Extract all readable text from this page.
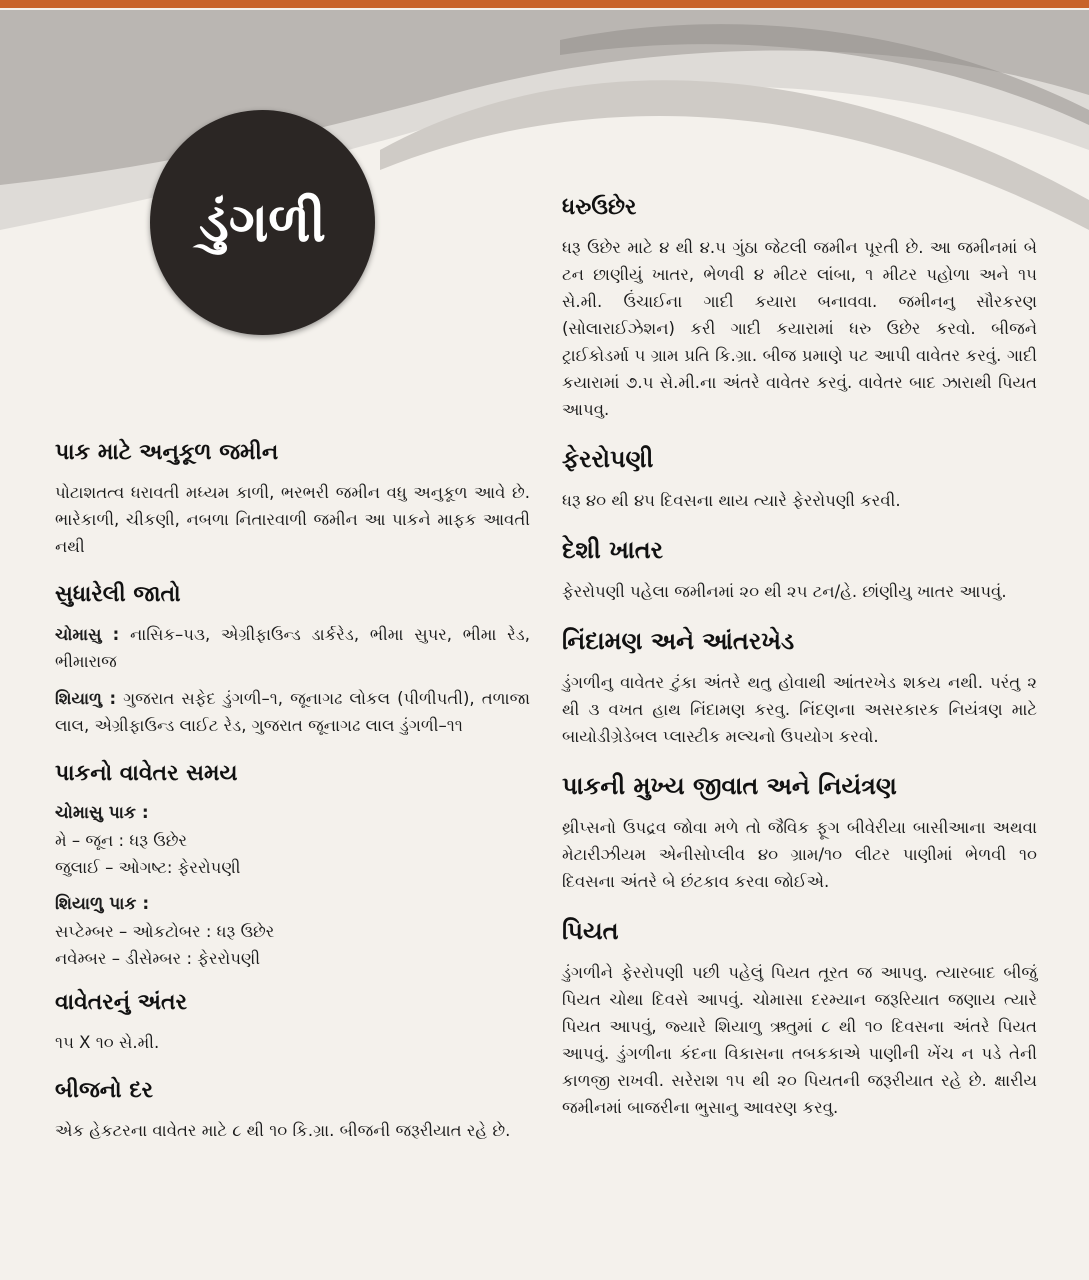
ડુંગળી
પાક માટે અનુકૂળ જમીન
પોટાશતત્વ ધરાવતી મધ્યમ કાળી, ભરભરી જમીન વધુ અનુકૂળ આવે છે. ભારેકાળી, ચીકણી, નબળા નિતારવાળી જમીન આ પાકને માફક આવતી નથી
સુધારેલી જાતો
ચોમાસુ : નાસિક–પ૩, એગ્રીફાઉન્ડ ડાર્કરેડ, ભીમા સુપર, ભીમા રેડ, ભીમારાજ
શિયાળુ : ગુજરાત સફેદ ડુંગળી–૧, જૂનાગઢ લોકલ (પીળીપતી), તળાજા લાલ, એગ્રીફાઉન્ડ લાઈટ રેડ, ગુજરાત જૂનાગઢ લાલ ડુંગળી–૧૧
પાકનો વાવેતર સમય
ચોમાસુ પાક :
મે – જૂન : ધરૂ ઉછેર
જુલાઈ – ઓગષ્ટ: ફેરરોપણી
શિયાળુ પાક :
સપ્ટેમ્બર – ઓકટોબર : ધરૂ ઉછેર
નવેમ્બર – ડીસેમ્બર : ફેરરોપણી
વાવેતરનું અંતર
૧૫ X ૧૦ સે.મી.
બીજનો દર
એક હેકટરના વાવેતર માટે ૮ થી ૧૦ કિ.ગ્રા. બીજની જરૂરીયાત રહે છે.
ધરુઉછેર
ધરૂ ઉછેર માટે ૪ થી ૪.૫ ગુંઠા જેટલી જમીન પૂરતી છે. આ જમીનમાં બે ટન છાણીયું ખાતર, ભેળવી ૪ મીટર લાંબા, ૧ મીટર પહોળા અને ૧૫ સે.મી. ઉંચાઈના ગાદી કયારા બનાવવા. જમીનનુ સૌરકરણ (સોલારાઈઝેશન) કરી ગાદી કયારામાં ધરુ ઉછેર કરવો. બીજને ટ્રાઈકોડર્મા ૫ ગ્રામ પ્રતિ કિ.ગ્રા. બીજ પ્રમાણે પટ આપી વાવેતર કરવું. ગાદી કયારામાં ૭.૫ સે.મી.ના અંતરે વાવેતર કરવું. વાવેતર બાદ ઝારાથી પિયત આપવુ.
ફેરરોપણી
ધરૂ ૪૦ થી ૪૫ દિવસના થાય ત્યારે ફેરરોપણી કરવી.
દેશી ખાતર
ફેરરોપણી પહેલા જમીનમાં ૨૦ થી ૨૫ ટન/હે. છાંણીયુ ખાતર આપવું.
નિંદામણ અને આંતરખેડ
ડુંગળીનુ વાવેતર ટુંકા અંતરે થતુ હોવાથી આંતરખેડ શકય નથી. પરંતુ ૨ થી ૩ વખત હાથ નિંદામણ કરવુ. નિંદણના અસરકારક નિયંત્રણ માટે બાયોડીગ્રેડેબલ પ્લાસ્ટીક મલ્ચનો ઉપયોગ કરવો.
પાકની મુખ્ય જીવાત અને નિયંત્રણ
થ્રીપ્સનો ઉપદ્રવ જોવા મળે તો જૈવિક ફૂગ બીવેરીયા બાસીઆના અથવા મેટારીઝીયમ એનીસોપ્લીવ ૪૦ ગ્રામ/૧૦ લીટર પાણીમાં ભેળવી ૧૦ દિવસના અંતરે બે છંટકાવ કરવા જોઈએ.
પિયત
ડુંગળીને ફેરરોપણી પછી પહેલું પિયત તૂરત જ આપવુ. ત્યારબાદ બીજું પિયત ચોથા દિવસે આપવું. ચોમાસા દરમ્યાન જરૂરિયાત જણાય ત્યારે પિયત આપવું, જ્યારે શિયાળુ ઋતુમાં ૮ થી ૧૦ દિવસના અંતરે પિયત આપવું. ડુંગળીના કંદના વિકાસના તબકકાએ પાણીની ખેંચ ન પડે તેની કાળજી રાખવી. સરેરાશ ૧૫ થી ૨૦ પિયતની જરૂરીયાત રહે છે. ક્ષારીય જમીનમાં બાજરીના ભુસાનુ આવરણ કરવુ.
